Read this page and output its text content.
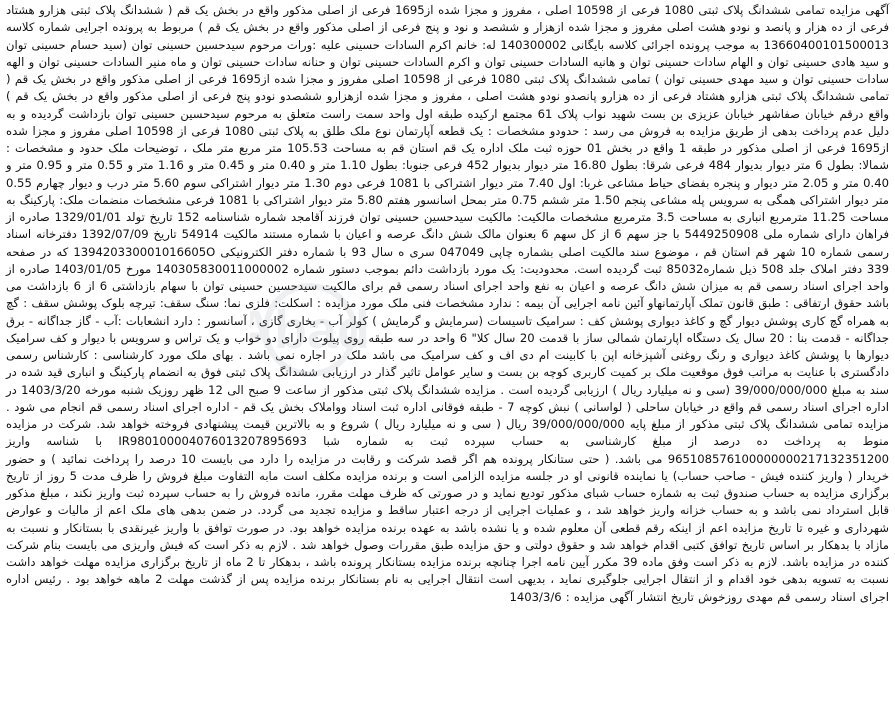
آگهی مزایده تمامی ششدانگ پلاک ثبتی 1080 فرعی از 10598 اصلی ، مفروز و مجزا شده از1695 فرعی از اصلی مذکور واقع در بخش یک قم ( ششدانگ پلاک ثبتی هزارو هشتاد فرعی از ده هزار و پانصد و نودو هشت اصلی مفروز و مجزا شده ازهزار و ششصد و نود و پنج فرعی از اصلی مذکور واقع در بخش یک قم ) مربوط به پرونده اجرایی شماره کلاسه 13660400101500013 به موجب پرونده اجرائی کلاسه بایگانی 140300002 له: خانم اکرم السادات حسینی علیه :ورات مرحوم سیدحسین حسینی توان (سید حسام حسینی توان و سید هادی حسینی توان و الهام سادات حسینی توان و هانیه السادات حسینی توان و اکرم السادات حسینی توان و حنانه سادات حسینی توان و ماه منیر السادات حسینی توان و الهه سادات حسینی توان و سید مهدی حسینی توان ) تمامی ششدانگ پلاک ثبتی 1080 فرعی از 10598 اصلی مفروز و مجزا شده از1695 فرعی از اصلی مذکور واقع در بخش یک قم ( تمامی ششدانگ پلاک ثبتی هزارو هشتاد فرعی از ده هزارو پانصدو نودو هشت اصلی ، مفروز و مجزا شده ازهزارو ششصدو نودو پنج فرعی از اصلی مذکور واقع در بخش یک قم ) واقع درقم خیابان صفاشهر خیابان عزیزی بن بست شهید نواب پلاک 61 مجتمع ارکیده طبقه اول واحد سمت راست متعلق به مرحوم سیدحسین حسینی توان بازداشت گردیده و به دلیل عدم پرداخت بدهی از طریق مزایده به فروش می رسد : حدودو مشخصات : یک قطعه آپارتمان نوع ملک طلق به پلاک ثبتی 1080 فرعی از 10598 اصلی مفروز و مجزا شده از1695 فرعی از اصلی مذکور در طبقه 1 واقع در بخش 01 حوزه ثبت ملک اداره یک قم استان قم به مساحت 105.53 متر مربع متر ملک ، توضیحات ملک حدود و مشخصات : شمالا: بطول 6 متر دیوار بدیوار 484 فرعی شرقا: بطول 16.80 متر دیوار بدیوار 452 فرعی جنوبا: بطول 1.10 متر و 0.40 متر و 0.45 متر و 1.16 متر و 0.55 متر و 0.95 متر و 0.40 متر و 2.05 متر دیوار و پنجره بفضای حیاط مشاعی غربا: اول 7.40 متر دیوار اشتراکی با 1081 فرعی دوم 1.30 متر دیوار اشتراکی سوم 5.60 متر درب و دیوار چهارم 0.55 متر دیوار اشتراکی همگی به سرویس پله مشاعی پنجم 1.50 متر ششم 0.75 متر بمحل اسانسور هفتم 5.80 متر دیوار اشتراکی با 1081 فرعی مشخصات منضمات ملک: پارکینگ به مساحت 11.25 مترمربع انباری به مساحت 3.5 مترمربع مشخصات مالکیت: مالکیت سیدحسین حسینی توان فرزند آقامجد شماره شناسنامه 152 تاریخ تولد 1329/01/01 صادره از فراهان دارای شماره ملی 5449250908 با جز سهم 6 از کل سهم 6 بعنوان مالک شش دانگ عرصه و اعیان با شماره مستند مالکیت 54914 تاریخ 1392/07/09 دفترخانه اسناد رسمی شماره 10 شهر قم استان قم ، موضوع سند مالکیت اصلی بشماره چاپی 047049 سری ه سال 93 با شماره دفتر الکترونیکی 139420330001016605O که در صفحه 339 دفتر املاک جلد 508 ذیل شماره85032 ثبت گردیده است. محدودیت: یک مورد بازداشت دائم بموجب دستور شماره 140305830011000002 مورخ 1403/01/05 صادره از واحد اجرای اسناد رسمی قم به میزان شش دانگ عرصه و اعیان به نفع واحد اجرای اسناد رسمی قم برای مالکیت سیدحسین حسینی توان با سهام بازداشتی 6 از 6 بازداشت می باشد حقوق ارتفاقی : طبق قانون تملک آپارتمانهاو آئین نامه اجرایی آن بیمه : ندارد مشخصات فنی ملک مورد مزایده : اسکلت: فلزی نما: سنگ سقف: تیرچه بلوک پوشش سقف : گچ به همراه گچ کاری پوشش دیوار گچ و کاغذ دیواری پوشش کف : سرامیک تاسیسات (سرمایش و گرمایش ) کولر آب - بخاری گازی ، آسانسور : دارد انشعابات :آب - گاز جداگانه - برق جداگانه - قدمت بنا : 20 سال یک دستگاه اپارتمان شمالی ساز با قدمت 20 سال کلا" 6 واحد در سه طبقه روی پیلوت دارای دو خواب و یک تراس و سرویس با دیوار و کف سرامیک دیوارها با پوشش کاغذ دیواری و رنگ روغنی آشپزخانه اپن با کابینت ام دی اف و کف سرامیک می باشد ملک در اجاره نمی باشد . بهای ملک مورد کارشناسی : کارشناس رسمی دادگستری با عنایت به مراتب فوق موقعیت ملک بر کمیت کاربری کوچه بن بست و سایر عوامل تاثیر گذار در ارزیابی ششدانگ پلاک ثبتی فوق به انضمام پارکینگ و انباری قید شده در سند به مبلغ 39/000/000/000 (سی و نه میلیارد ریال ) ارزیابی گردیده است . مزایده ششدانگ پلاک ثبتی مذکور از ساعت 9 صبح الی 12 ظهر روزیک شنبه مورخه 1403/3/20 در اداره اجرای اسناد رسمی قم واقع در خیابان ساحلی ( لواسانی ) نبش کوچه 7 - طبقه فوقانی اداره ثبت اسناد وواملاک بخش یک قم - اداره اجرای اسناد رسمی قم انجام می شود . مزایده تمامی ششدانگ پلاک ثبتی مذکور از مبلغ پایه 39/000/000/000 ریال ( سی و نه میلیارد ریال ) شروع و به بالاترین قیمت پیشنهادی فروخته خواهد شد. شرکت در مزایده منوط به پرداخت ده درصد از مبلغ کارشناسی به حساب سپرده ثبت به شماره شبا IR980100004076013207895693 با شناسه واریز 965108576100000000217132351200 می باشد. ( حتی ستانکار پرونده هم اگر قصد شرکت و رقابت در مزایده را دارد می بایست 10 درصد را پرداخت نمائید ) و حضور خریدار ( واریز کننده فیش - صاحب حساب) یا نماینده قانونی او در جلسه مزایده الزامی است و برنده مزایده مکلف است مابه التفاوت مبلغ فروش را ظرف مدت 5 روز از تاریخ برگزاری مزایده به حساب صندوق ثبت به شماره حساب شبای مذکور تودیع نماید و در صورتی که ظرف مهلت مقرر، مانده فروش را به حساب سپرده ثبت واریز نکند ، مبلغ مذکور قابل استرداد نمی باشد و به حساب خزانه واریز خواهد شد ، و عملیات اجرایی از درجه اعتبار ساقط و مزایده تجدید می گردد. در ضمن بدهی های ملک اعم از مالیات و عوارض شهرداری و غیره تا تاریخ مزایده اعم از اینکه رقم قطعی آن معلوم شده و یا نشده باشد به عهده برنده مزایده خواهد بود. در صورت توافق با واریز غیرنقدی با بستانکار و نسبت به مازاد با بدهکار بر اساس تاریخ توافق کتبی اقدام خواهد شد و حقوق دولتی و حق مزایده طبق مقررات وصول خواهد شد . لازم به ذکر است که فیش واریزی می بایست بنام شرکت کننده در مزایده باشد. لازم به ذکر است وفق ماده 39 مکرر آیین نامه اجرا چنانچه برنده مزایده بستانکار پرونده باشد ، بدهکار تا 2 ماه از تاریخ برگزاری مزایده مهلت خواهد داشت نسبت به تسویه بدهی خود اقدام و از انتقال اجرایی جلوگیری نماید ، بدیهی است انتقال اجرایی به نام بستانکار برنده مزایده پس از گذشت مهلت 2 ماهه خواهد بود . رئیس اداره اجرای اسناد رسمی قم مهدی روزخوش تاریخ انتشار آگهی مزایده : 1403/3/6
Abad
